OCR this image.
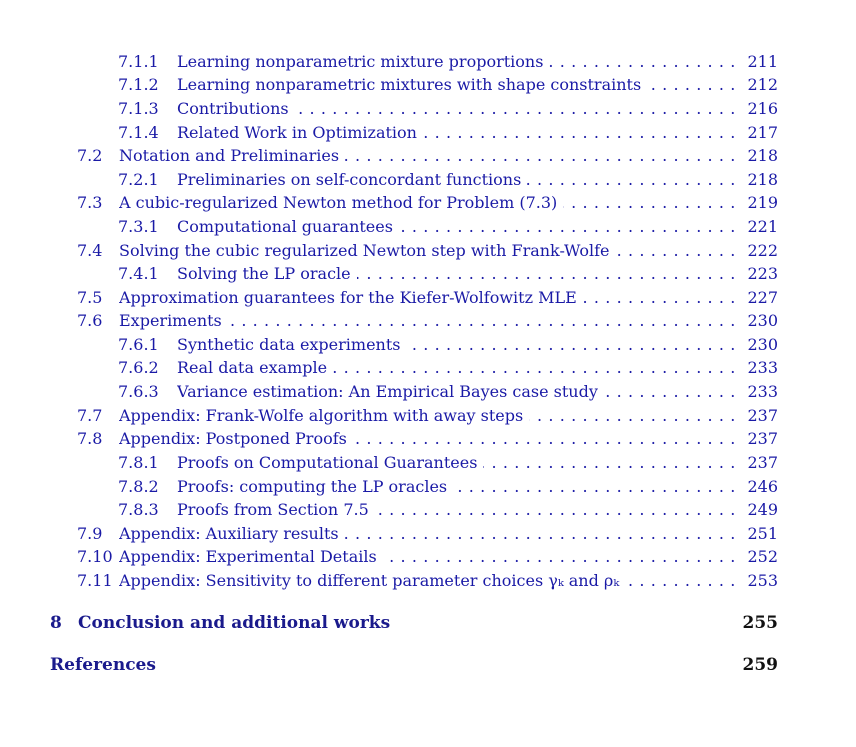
7.1.1 Learning nonparametric mixture proportions . . .	211
7.1.2 Learning nonparametric mixtures with shape constraints . . .	212
7.1.3 Contributions . . .	216
7.1.4 Related Work in Optimization . . .	217
7.2 Notation and Preliminaries . . .	218
7.2.1 Preliminaries on self-concordant functions . . .	218
7.3 A cubic-regularized Newton method for Problem (7.3) . . .	219
7.3.1 Computational guarantees . . .	221
7.4 Solving the cubic regularized Newton step with Frank-Wolfe . . .	222
7.4.1 Solving the LP oracle . . .	223
7.5 Approximation guarantees for the Kiefer-Wolfowitz MLE . . .	227
7.6 Experiments . . .	230
7.6.1 Synthetic data experiments . . .	230
7.6.2 Real data example . . .	233
7.6.3 Variance estimation: An Empirical Bayes case study . . .	233
7.7 Appendix: Frank-Wolfe algorithm with away steps . . .	237
7.8 Appendix: Postponed Proofs . . .	237
7.8.1 Proofs on Computational Guarantees . . .	237
7.8.2 Proofs: computing the LP oracles . . .	246
7.8.3 Proofs from Section 7.5 . . .	249
7.9 Appendix: Auxiliary results . . .	251
7.10 Appendix: Experimental Details . . .	252
7.11 Appendix: Sensitivity to different parameter choices γₖ and ρₖ . . .	253
8 Conclusion and additional works	255
References	259
